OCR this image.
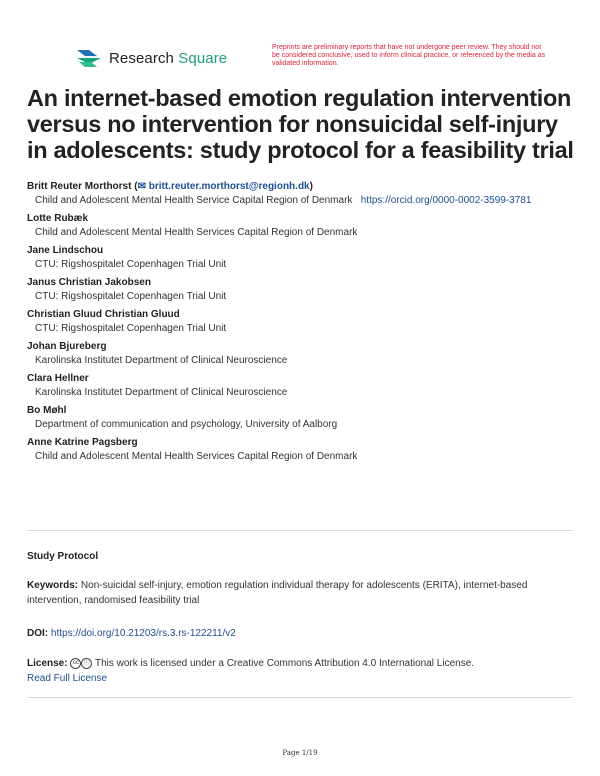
Research Square
Preprints are preliminary reports that have not undergone peer review. They should not be considered conclusive, used to inform clinical practice, or referenced by the media as validated information.
An internet-based emotion regulation intervention versus no intervention for nonsuicidal self-injury in adolescents: study protocol for a feasibility trial
Britt Reuter Morthorst (✉ britt.reuter.morthorst@regionh.dk)
Child and Adolescent Mental Health Service Capital Region of Denmark https://orcid.org/0000-0002-3599-3781
Lotte Rubæk
Child and Adolescent Mental Health Services Capital Region of Denmark
Jane Lindschou
CTU: Rigshospitalet Copenhagen Trial Unit
Janus Christian Jakobsen
CTU: Rigshospitalet Copenhagen Trial Unit
Christian Gluud Christian Gluud
CTU: Rigshospitalet Copenhagen Trial Unit
Johan Bjureberg
Karolinska Institutet Department of Clinical Neuroscience
Clara Hellner
Karolinska Institutet Department of Clinical Neuroscience
Bo Møhl
Department of communication and psychology, University of Aalborg
Anne Katrine Pagsberg
Child and Adolescent Mental Health Services Capital Region of Denmark
Study Protocol
Keywords: Non-suicidal self-injury, emotion regulation individual therapy for adolescents (ERITA), internet-based intervention, randomised feasibility trial
DOI: https://doi.org/10.21203/rs.3.rs-122211/v2
License: cc ⓘ This work is licensed under a Creative Commons Attribution 4.0 International License.
Read Full License
Page 1/19
